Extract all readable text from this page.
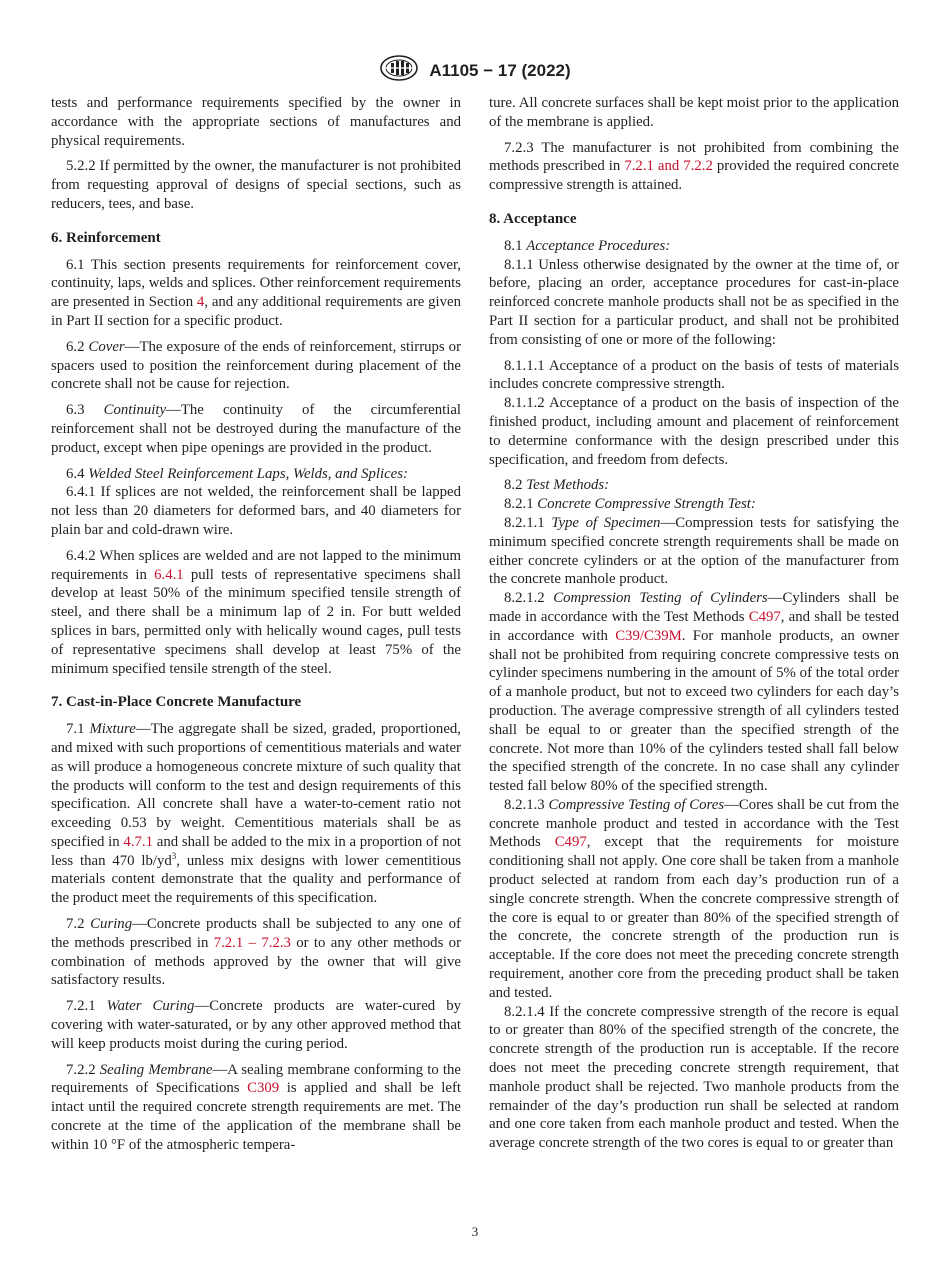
A1105 − 17 (2022)

tests and performance requirements specified by the owner in accordance with the appropriate sections of manufactures and physical requirements.

5.2.2 If permitted by the owner, the manufacturer is not prohibited from requesting approval of designs of special sections, such as reducers, tees, and base.

6. Reinforcement

6.1 This section presents requirements for reinforcement cover, continuity, laps, welds and splices. Other reinforcement requirements are presented in Section 4, and any additional requirements are given in Part II section for a specific product.

6.2 Cover—The exposure of the ends of reinforcement, stirrups or spacers used to position the reinforcement during placement of the concrete shall not be cause for rejection.

6.3 Continuity—The continuity of the circumferential reinforcement shall not be destroyed during the manufacture of the product, except when pipe openings are provided in the product.

6.4 Welded Steel Reinforcement Laps, Welds, and Splices:

6.4.1 If splices are not welded, the reinforcement shall be lapped not less than 20 diameters for deformed bars, and 40 diameters for plain bar and cold-drawn wire.

6.4.2 When splices are welded and are not lapped to the minimum requirements in 6.4.1 pull tests of representative specimens shall develop at least 50% of the minimum specified tensile strength of steel, and there shall be a minimum lap of 2 in. For butt welded splices in bars, permitted only with helically wound cages, pull tests of representative specimens shall develop at least 75% of the minimum specified tensile strength of the steel.

7. Cast-in-Place Concrete Manufacture

7.1 Mixture—The aggregate shall be sized, graded, proportioned, and mixed with such proportions of cementitious materials and water as will produce a homogeneous concrete mixture of such quality that the products will conform to the test and design requirements of this specification. All concrete shall have a water-to-cement ratio not exceeding 0.53 by weight. Cementitious materials shall be as specified in 4.7.1 and shall be added to the mix in a proportion of not less than 470 $lb/yd^3$, unless mix designs with lower cementitious materials content demonstrate that the quality and performance of the product meet the requirements of this specification.

7.2 Curing—Concrete products shall be subjected to any one of the methods prescribed in 7.2.1 – 7.2.3 or to any other methods or combination of methods approved by the owner that will give satisfactory results.

7.2.1 Water Curing—Concrete products are water-cured by covering with water-saturated, or by any other approved method that will keep products moist during the curing period.

7.2.2 Sealing Membrane—A sealing membrane conforming to the requirements of Specifications C309 is applied and shall be left intact until the required concrete strength requirements are met. The concrete at the time of the application of the membrane shall be within 10 °F of the atmospheric tempera-

ture. All concrete surfaces shall be kept moist prior to the application of the membrane is applied.

7.2.3 The manufacturer is not prohibited from combining the methods prescribed in 7.2.1 and 7.2.2 provided the required concrete compressive strength is attained.

8. Acceptance

8.1 Acceptance Procedures:

8.1.1 Unless otherwise designated by the owner at the time of, or before, placing an order, acceptance procedures for cast-in-place reinforced concrete manhole products shall not be as specified in the Part II section for a particular product, and shall not be prohibited from consisting of one or more of the following:

8.1.1.1 Acceptance of a product on the basis of tests of materials includes concrete compressive strength.

8.1.1.2 Acceptance of a product on the basis of inspection of the finished product, including amount and placement of reinforcement to determine conformance with the design prescribed under this specification, and freedom from defects.

8.2 Test Methods:

8.2.1 Concrete Compressive Strength Test:

8.2.1.1 Type of Specimen—Compression tests for satisfying the minimum specified concrete strength requirements shall be made on either concrete cylinders or at the option of the manufacturer from the concrete manhole product.

8.2.1.2 Compression Testing of Cylinders—Cylinders shall be made in accordance with the Test Methods C497, and shall be tested in accordance with C39/C39M. For manhole products, an owner shall not be prohibited from requiring concrete compressive tests on cylinder specimens numbering in the amount of 5% of the total order of a manhole product, but not to exceed two cylinders for each day’s production. The average compressive strength of all cylinders tested shall be equal to or greater than the specified strength of the concrete. Not more than 10% of the cylinders tested shall fall below the specified strength of the concrete. In no case shall any cylinder tested fall below 80% of the specified strength.

8.2.1.3 Compressive Testing of Cores—Cores shall be cut from the concrete manhole product and tested in accordance with the Test Methods C497, except that the requirements for moisture conditioning shall not apply. One core shall be taken from a manhole product selected at random from each day’s production run of a single concrete strength. When the concrete compressive strength of the core is equal to or greater than 80% of the specified strength of the concrete, the concrete strength of the production run is acceptable. If the core does not meet the preceding concrete strength requirement, another core from the preceding product shall be taken and tested.

8.2.1.4 If the concrete compressive strength of the recore is equal to or greater than 80% of the specified strength of the concrete, the concrete strength of the production run is acceptable. If the recore does not meet the preceding concrete strength requirement, that manhole product shall be rejected. Two manhole products from the remainder of the day’s production run shall be selected at random and one core taken from each manhole product and tested. When the average concrete strength of the two cores is equal to or greater than

3
